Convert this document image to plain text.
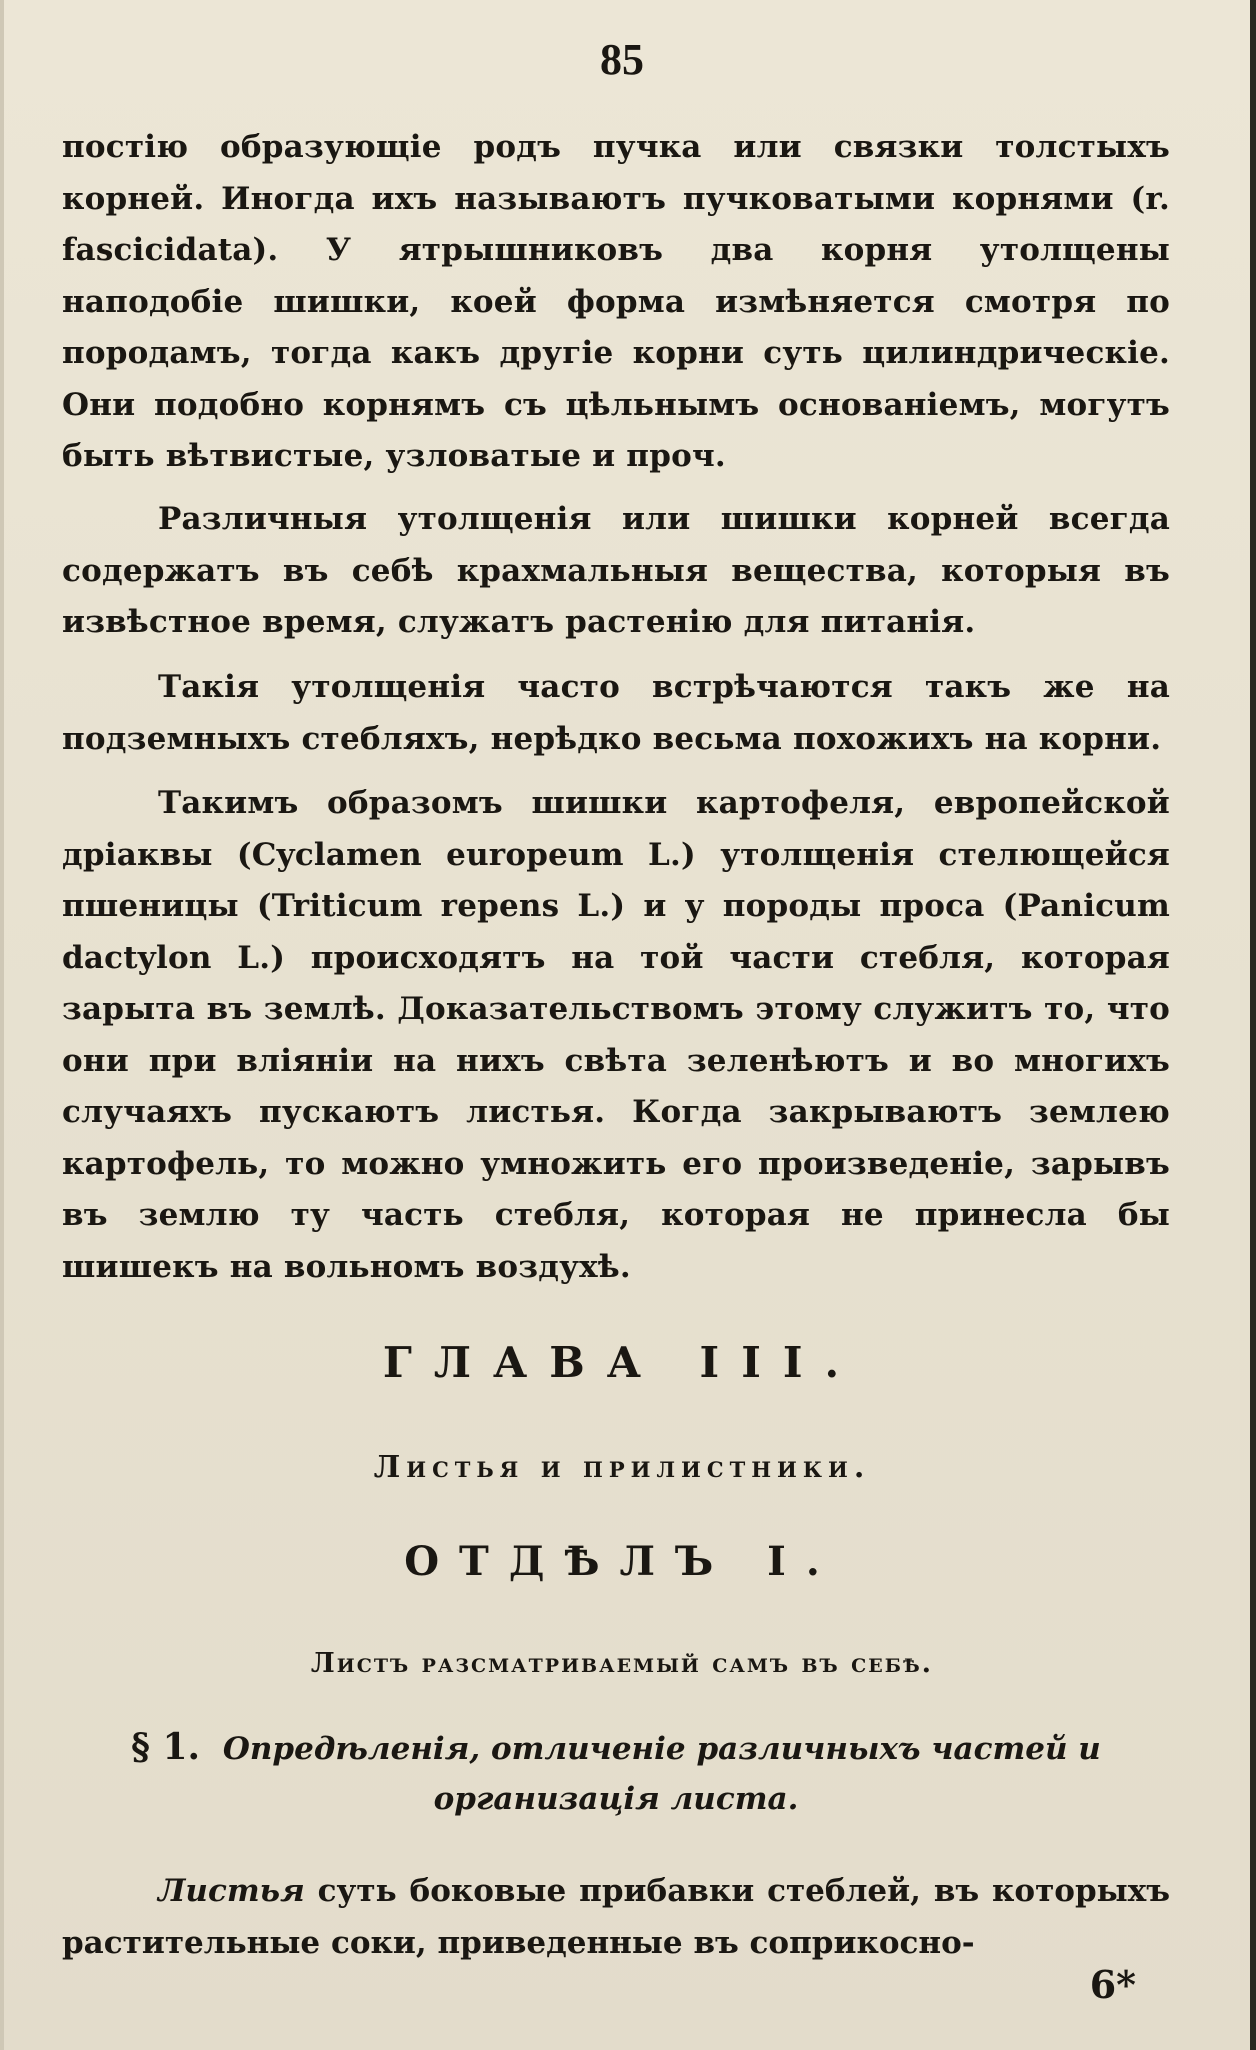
85

постію образующіе родъ пучка или связки толстыхъ корней. Иногда ихъ называютъ пучковатыми корнями (r. fascicidata). У ятрышниковъ два корня утолщены наподобіе шишки, коей форма измѣняется смотря по породамъ, тогда какъ другіе корни суть цилиндрическіе. Они подобно корнямъ съ цѣльнымъ основаніемъ, могутъ быть вѣтвистые, узловатые и проч.

Различныя утолщенія или шишки корней всегда содержатъ въ себѣ крахмальныя вещества, которыя въ извѣстное время, служатъ растенію для питанія.

Такія утолщенія часто встрѣчаются такъ же на подземныхъ стебляхъ, нерѣдко весьма похожихъ на корни.

Такимъ образомъ шишки картофеля, европейской дріаквы (Cyclamen europeum L.) утолщенія стелющейся пшеницы (Triticum repens L.) и у породы проса (Panicum dactylon L.) происходятъ на той части стебля, которая зарыта въ землѣ. Доказательствомъ этому служитъ то, что они при вліяніи на нихъ свѣта зеленѣютъ и во многихъ случаяхъ пускаютъ листья. Когда закрываютъ землею картофель, то можно умножить его произведеніе, зарывъ въ землю ту часть стебля, которая не принесла бы шишекъ на вольномъ воздухѣ.

ГЛАВА III.
Листья и прилистники.
ОТДѢЛЪ I.
Листъ разсматриваемый самъ въ себѣ.
§ 1. Опредѣленія, отличеніе различныхъ частей и организація листа.
Листья суть боковые прибавки стеблей, въ которыхъ растительные соки, приведенные въ соприкосно-
6*
